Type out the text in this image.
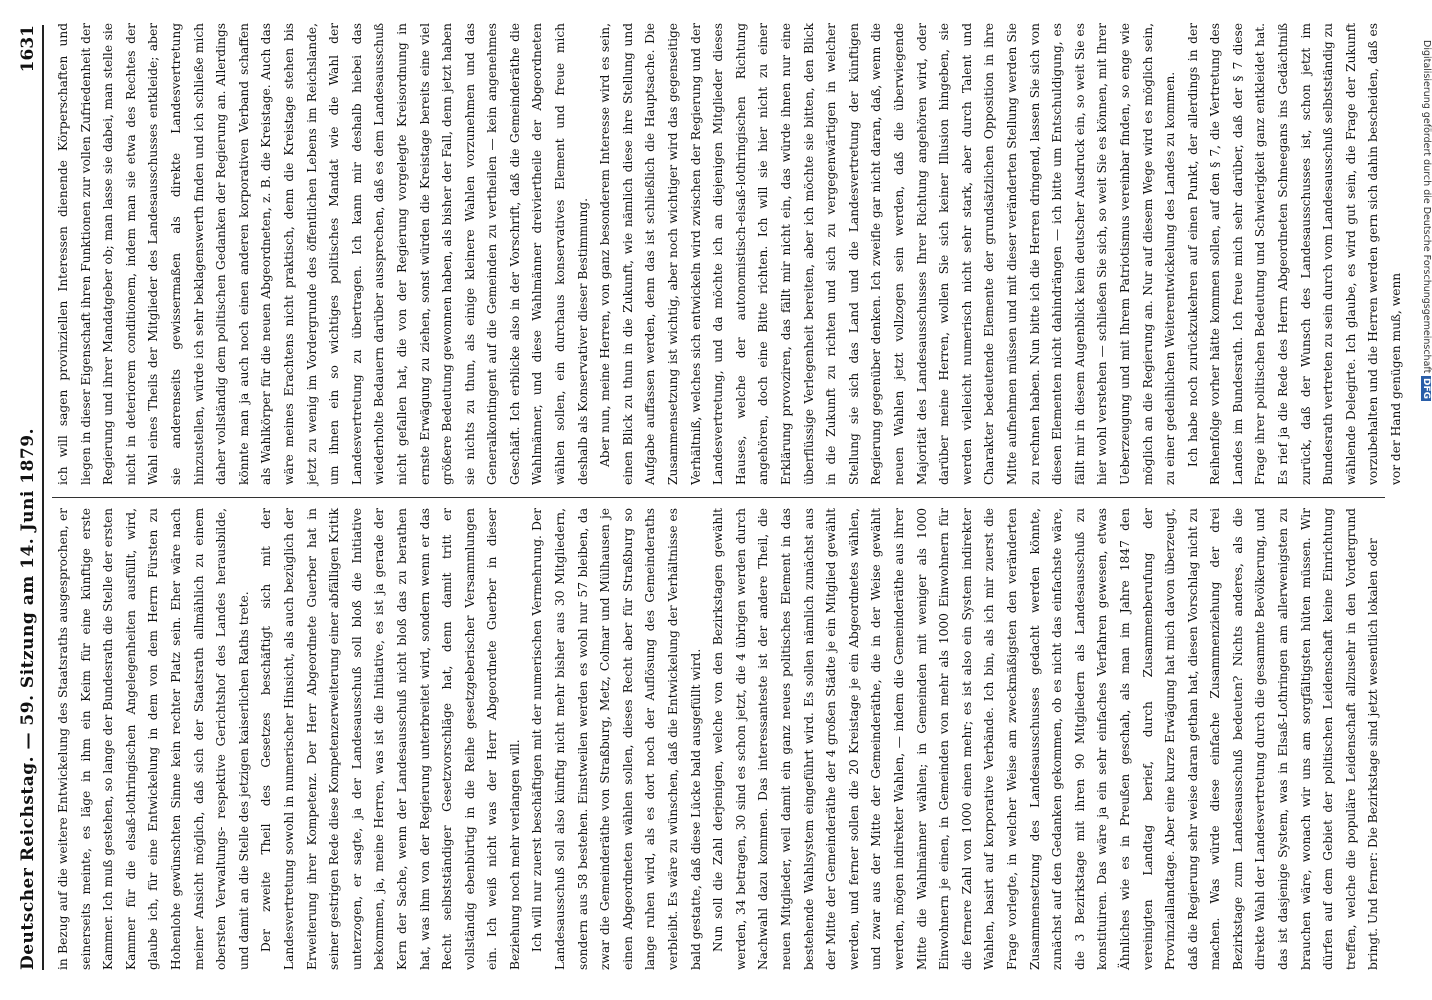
Deutscher Reichstag. — 59. Sitzung am 14. Juni 1879.
1631

in Bezug auf die weitere Entwickelung des Staatsraths ausgesprochen, er seinerseits meinte, es läge in ihm ein Keim für eine künftige erste Kammer. Ich muß gestehen, so lange der Bundesrath die Stelle der ersten Kammer für die elsaß-lothringischen Angelegenheiten ausfüllt, wird, glaube ich, für eine Entwickelung in dem von dem Herrn Fürsten zu Hohenlohe gewünschten Sinne kein rechter Platz sein. Eher wäre nach meiner Ansicht möglich, daß sich der Staatsrath allmählich zu einem obersten Verwaltungs- respektive Gerichtshof des Landes herausbilde, und damit an die Stelle des jetzigen kaiserlichen Raths trete. Der zweite Theil des Gesetzes beschäftigt sich mit der Landesvertretung sowohl in numerischer Hinsicht, als auch bezüglich der Erweiterung ihrer Kompetenz. Der Herr Abgeordnete Guerber hat in seiner gestrigen Rede diese Kompetenzerweiterung einer abfälligen Kritik unterzogen, er sagte, ja der Landesausschuß soll bloß die Initiative bekommen, ja, meine Herren, was ist die Initiative, es ist ja gerade der Kern der Sache, wenn der Landesausschuß nicht bloß das zu berathen hat, was ihm von der Regierung unterbreitet wird, sondern wenn er das Recht selbstständiger Gesetzvorschläge hat, denn damit tritt er vollständig ebenbürtig in die Reihe gesetzgeberischer Versammlungen ein. Ich weiß nicht was der Herr Abgeordnete Guerber in dieser Beziehung noch mehr verlangen will. Ich will nur zuerst beschäftigen mit der numerischen Vermehrung. Der Landesausschuß soll also künftig nicht mehr bisher aus 30 Mitgliedern, sondern aus 58 bestehen. Einstweilen werden es wohl nur 57 bleiben, da zwar die Gemeinderäthe von Straßburg, Metz, Colmar und Mülhausen je einen Abgeordneten wählen sollen, dieses Recht aber für Straßburg so lange ruhen wird, als es dort noch der Auflösung des Gemeinderaths verbleibt. Es wäre zu wünschen, daß die Entwickelung der Verhältnisse es bald gestatte, daß diese Lücke bald ausgefüllt wird. Nun soll die Zahl derjenigen, welche von den Bezirkstagen gewählt werden, 34 betragen, 30 sind es schon jetzt, die 4 übrigen werden durch Nachwahl dazu kommen. Das interessanteste ist der andere Theil, die neuen Mitglieder, weil damit ein ganz neues politisches Element in das bestehende Wahlsystem eingeführt wird. Es sollen nämlich zunächst aus der Mitte der Gemeinderäthe der 4 großen Städte je ein Mitglied gewählt werden, und ferner sollen die 20 Kreistage je ein Abgeordnetes wählen, und zwar aus der Mitte der Gemeinderäthe, die in der Weise gewählt werden, mögen indirekter Wahlen, — indem die Gemeinderäthe aus ihrer Mitte die Wahlmänner wählen; in Gemeinden mit weniger als 1000 Einwohnern je einen, in Gemeinden von mehr als 1000 Einwohnern für die fernere Zahl von 1000 einen mehr; es ist also ein System indirekter Wahlen, basirt auf korporative Verbände. Ich bin, als ich mir zuerst die Frage vorlegte, in welcher Weise am zweckmäßigsten den veränderten Zusammensetzung des Landesausschusses gedacht werden könnte, zunächst auf den Gedanken gekommen, ob es nicht das einfachste wäre, die 3 Bezirkstage mit ihren 90 Mitgliedern als Landesausschuß zu konstituiren. Das wäre ja ein sehr einfaches Verfahren gewesen, etwas Ähnliches wie es in Preußen geschah, als man im Jahre 1847 den vereinigten Landtag berief, durch Zusammenberufung der Provinziallandtage. Aber eine kurze Erwägung hat mich davon überzeugt, daß die Regierung sehr weise daran gethan hat, diesen Vorschlag nicht zu machen. Was würde diese einfache Zusammenziehung der drei Bezirkstage zum Landesausschuß bedeuten? Nichts anderes, als die direkte Wahl der Landesvertretung durch die gesammte Bevölkerung, und das ist dasjenige System, was in Elsaß-Lothringen am allerwenigsten zu brauchen wäre, wonach wir uns am sorgfältigsten hüten müssen. Wir dürfen auf dem Gebiet der politischen Leidenschaft keine Einrichtung treffen, welche die populäre Leidenschaft allzusehr in den Vordergrund bringt. Und ferner: Die Bezirkstage sind jetzt wesentlich lokalen oder

ich will sagen provinziellen Interessen dienende Körperschaften und liegen in dieser Eigenschaft ihren Funktionen zur vollen Zufriedenheit der Regierung und ihrer Mandatgeber ob; man lasse sie dabei, man stelle sie nicht in deteriorem conditionem, indem man sie etwa des Rechtes der Wahl eines Theils der Mitglieder des Landesausschusses entkleide; aber sie anderenseits gewissermaßen als direkte Landesvertretung hinzustellen, würde ich sehr beklagenswerth finden und ich schließe mich daher vollständig dem politischen Gedanken der Regierung an. Allerdings könnte man ja auch noch einen anderen korporativen Verband schaffen als Wahlkörper für die neuen Abgeordneten, z. B. die Kreistage. Auch das wäre meines Erachtens nicht praktisch, denn die Kreistage stehen bis jetzt zu wenig im Vordergrunde des öffentlichen Lebens im Reichslande, um ihnen ein so wichtiges politisches Mandat wie die Wahl der Landesvertretung zu übertragen. Ich kann mir deshalb hiebei das wiederholte Bedauern darüber aussprechen, daß es dem Landesausschuß nicht gefallen hat, die von der Regierung vorgelegte Kreisordnung in ernste Erwägung zu ziehen, sonst würden die Kreistage bereits eine viel größere Bedeutung gewonnen haben, als bisher der Fall, denn jetzt haben sie nichts zu thun, als einige kleinere Wahlen vorzunehmen und das Generalkontingent auf die Gemeinden zu vertheilen — kein angenehmes Geschäft. Ich erblicke also in der Vorschrift, daß die Gemeinderäthe die Wahlmänner, und diese Wahlmänner dreiviertheile der Abgeordneten wählen sollen, ein durchaus konservatives Element und freue mich deshalb als Konservativer dieser Bestimmung. Aber nun, meine Herren, von ganz besonderem Interesse wird es sein, einen Blick zu thun in die Zukunft, wie nämlich diese ihre Stellung und Aufgabe auffassen werden, denn das ist schließlich die Hauptsache. Die Zusammensetzung ist wichtig, aber noch wichtiger wird das gegenseitige Verhältniß, welches sich entwickeln wird zwischen der Regierung und der Landesvertretung, und da möchte ich an diejenigen Mitglieder dieses Hauses, welche der autonomistisch-elsaß-lothringischen Richtung angehören, doch eine Bitte richten. Ich will sie hier nicht zu einer Erklärung provoziren, das fällt mir nicht ein, das würde ihnen nur eine überflüssige Verlegenheit bereiten, aber ich möchte sie bitten, den Blick in die Zukunft zu richten und sich zu vergegenwärtigen in welcher Stellung sie sich das Land und die Landesvertretung der künftigen Regierung gegenüber denken. Ich zweifle gar nicht daran, daß, wenn die neuen Wahlen jetzt vollzogen sein werden, daß die überwiegende Majorität des Landesausschusses Ihrer Richtung angehören wird, oder darüber meine Herren, wollen Sie sich keiner Illusion hingeben, sie werden vielleicht numerisch nicht sehr stark, aber durch Talent und Charakter bedeutende Elemente der grundsätzlichen Opposition in ihre Mitte aufnehmen müssen und mit dieser veränderten Stellung werden Sie zu rechnen haben. Nun bitte ich die Herren dringend, lassen Sie sich von diesen Elementen nicht dahindrängen — ich bitte um Entschuldigung, es fällt mir in diesem Augenblick kein deutscher Ausdruck ein, so weit Sie es hier wohl verstehen — schließen Sie sich, so weit Sie es können, mit Ihrer Ueberzeugung und mit Ihrem Patriotismus vereinbar finden, so enge wie möglich an die Regierung an. Nur auf diesem Wege wird es möglich sein, zu einer gedeihlichen Weiterentwickelung des Landes zu kommen. Ich habe noch zurückzukehren auf einen Punkt, der allerdings in der Reihenfolge vorher hätte kommen sollen, auf den § 7, die Vertretung des Landes im Bundesrath. Ich freue mich sehr darüber, daß der § 7 diese Frage ihrer politischen Bedeutung und Schwierigkeit ganz entkleidet hat. Es rief ja die Rede des Herrn Abgeordneten Schneegans ins Gedächtniß zurück, daß der Wunsch des Landesausschusses ist, schon jetzt im Bundesrath vertreten zu sein durch vom Landesausschuß selbstständig zu wählende Delegirte. Ich glaube, es wird gut sein, die Frage der Zukunft vorzubehalten und die Herren werden gern sich dahin bescheiden, daß es vor der Hand genügen muß, wenn

Digitalisierung gefördert durch die Deutsche Forschungsgemeinschaft DFG
